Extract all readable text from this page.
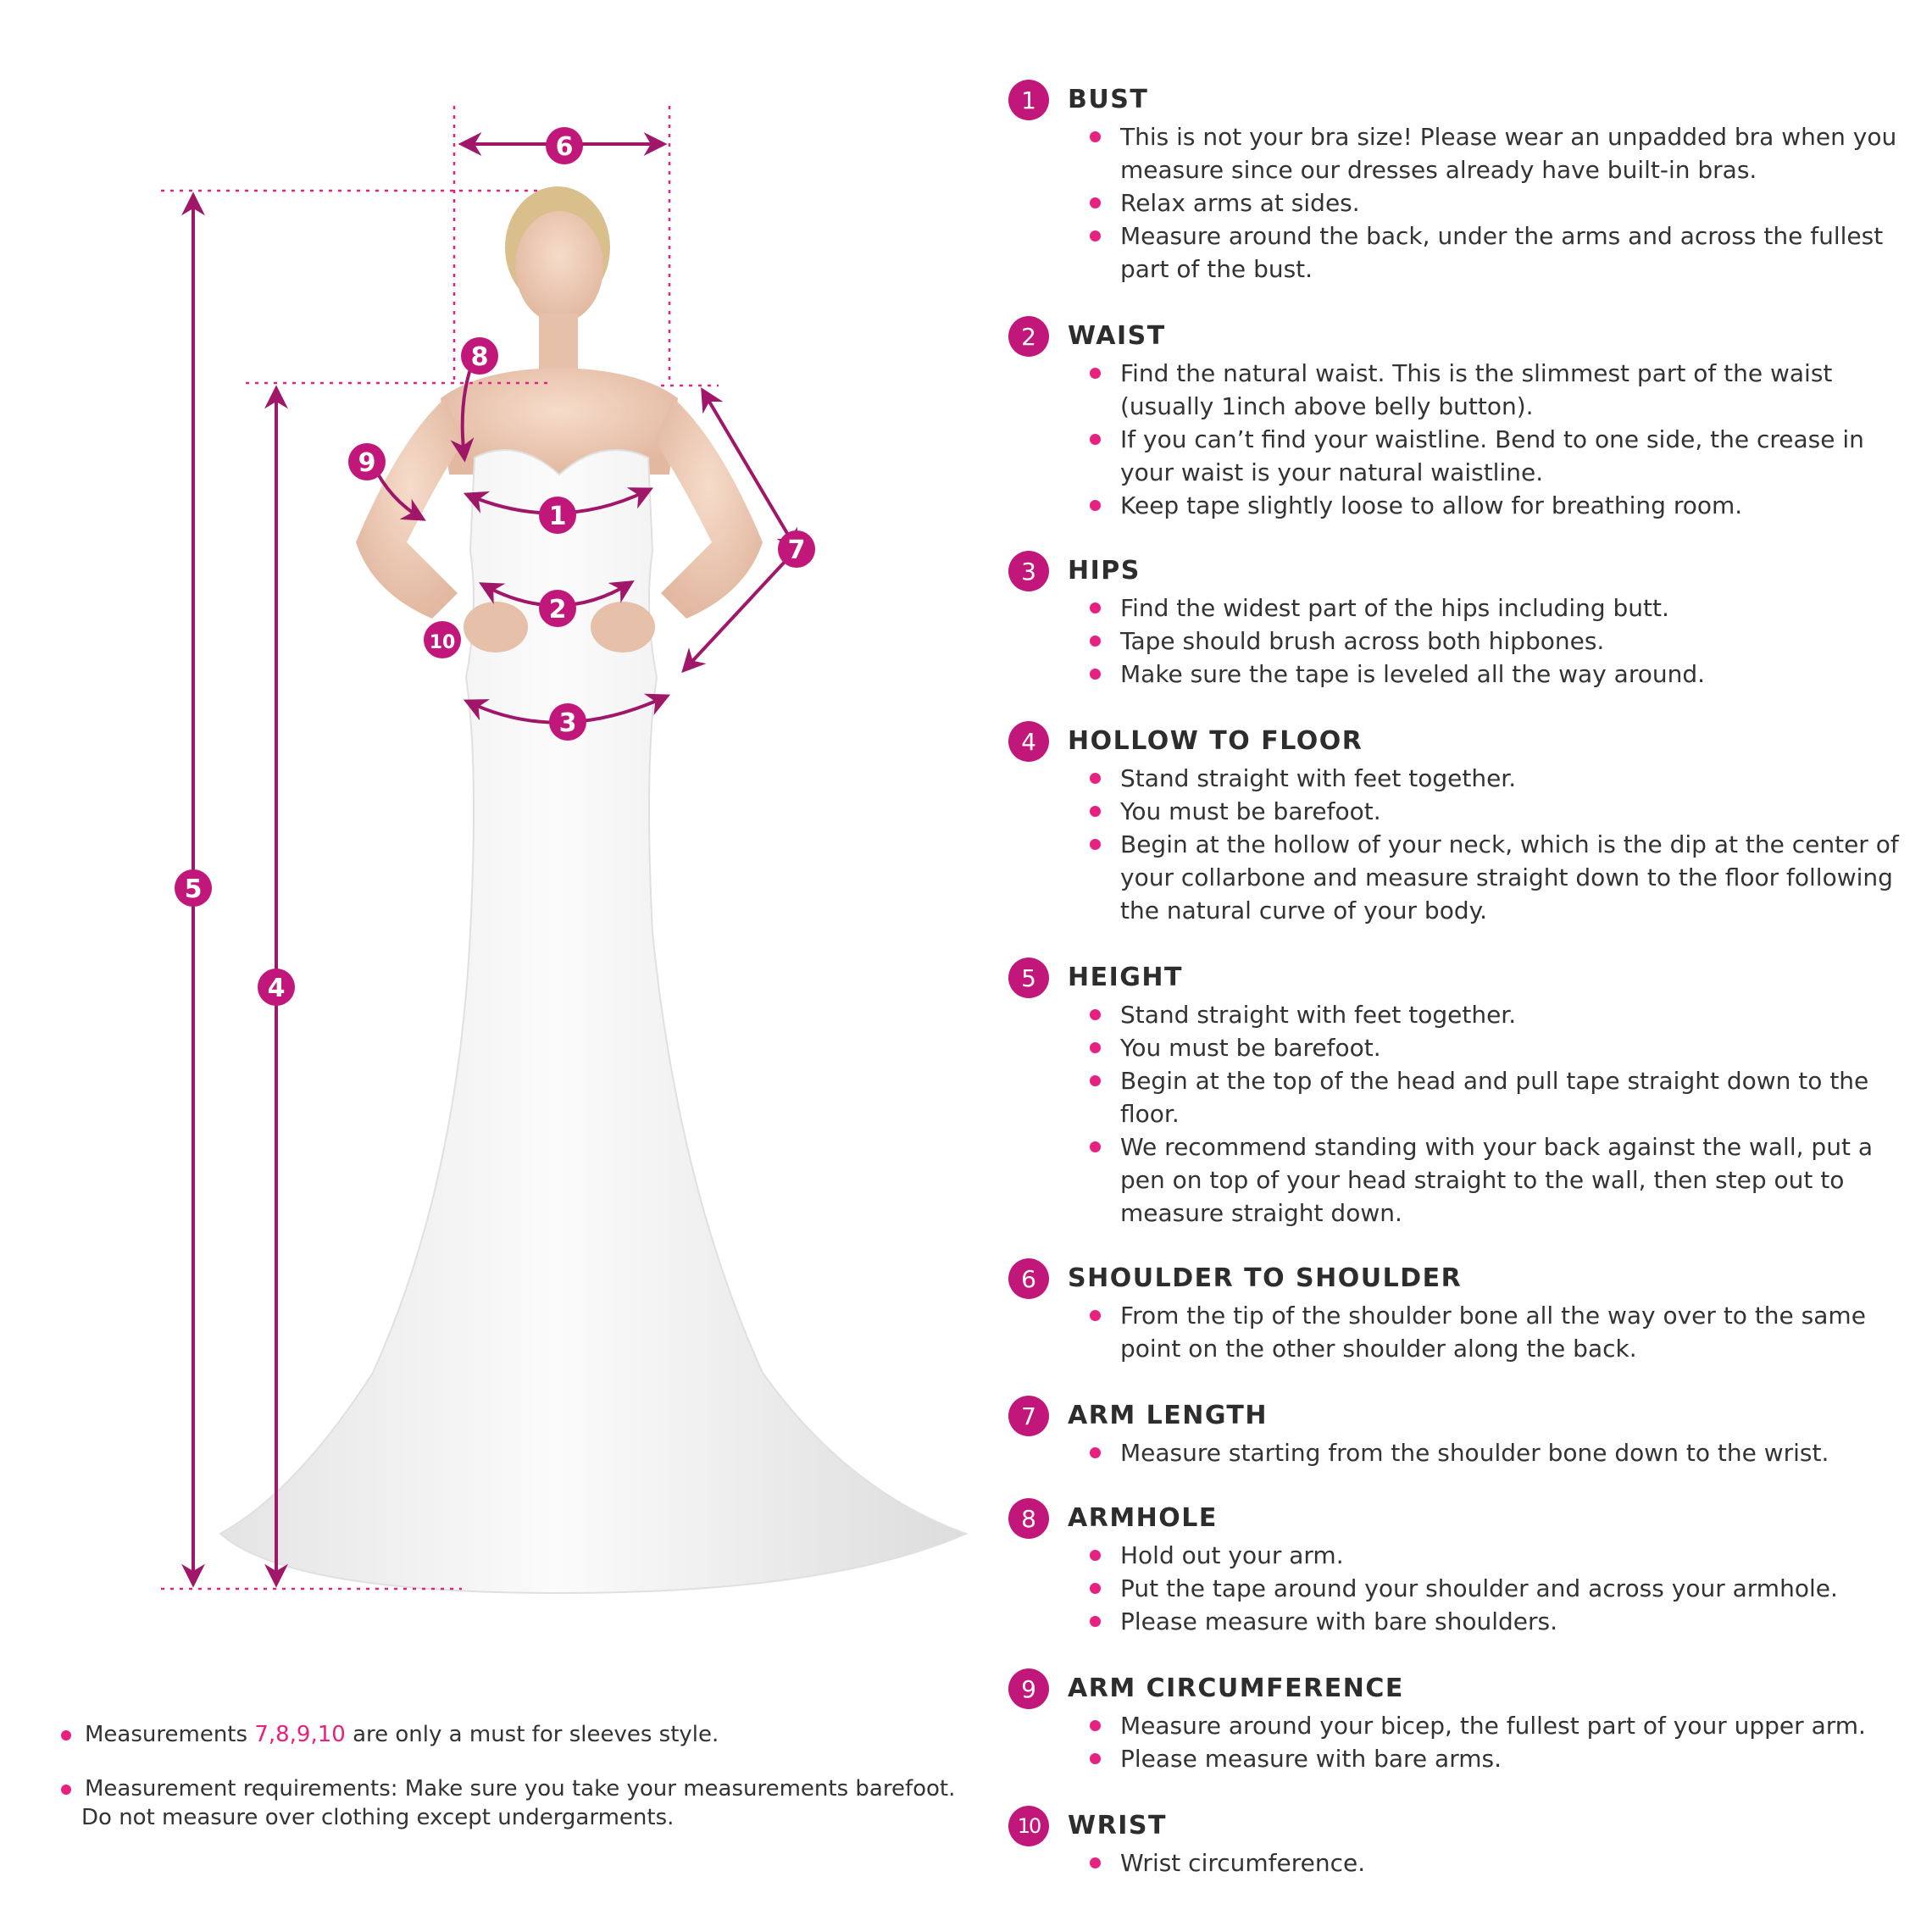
6
8
9
1
7
2
10
3
5
4
1	BUST
This is not your bra size! Please wear an unpadded bra when you measure since our dresses already have built-in bras.
Relax arms at sides.
Measure around the back, under the arms and across the fullest part of the bust.
2	WAIST
Find the natural waist. This is the slimmest part of the waist (usually 1inch above belly button).
If you can’t find your waistline. Bend to one side, the crease in your waist is your natural waistline.
Keep tape slightly loose to allow for breathing room.
3	HIPS
Find the widest part of the hips including butt.
Tape should brush across both hipbones.
Make sure the tape is leveled all the way around.
4	HOLLOW TO FLOOR
Stand straight with feet together.
You must be barefoot.
Begin at the hollow of your neck, which is the dip at the center of your collarbone and measure straight down to the floor following the natural curve of your body.
5	HEIGHT
Stand straight with feet together.
You must be barefoot.
Begin at the top of the head and pull tape straight down to the floor.
We recommend standing with your back against the wall, put a pen on top of your head straight to the wall, then step out to measure straight down.
6	SHOULDER TO SHOULDER
From the tip of the shoulder bone all the way over to the same point on the other shoulder along the back.
7	ARM LENGTH
Measure starting from the shoulder bone down to the wrist.
8	ARMHOLE
Hold out your arm.
Put the tape around your shoulder and across your armhole.
Please measure with bare shoulders.
9	ARM CIRCUMFERENCE
Measure around your bicep, the fullest part of your upper arm.
Please measure with bare arms.
10	WRIST
Wrist circumference.
Measurements 7,8,9,10 are only a must for sleeves style.
Measurement requirements: Make sure you take your measurements barefoot.
Do not measure over clothing except undergarments.
